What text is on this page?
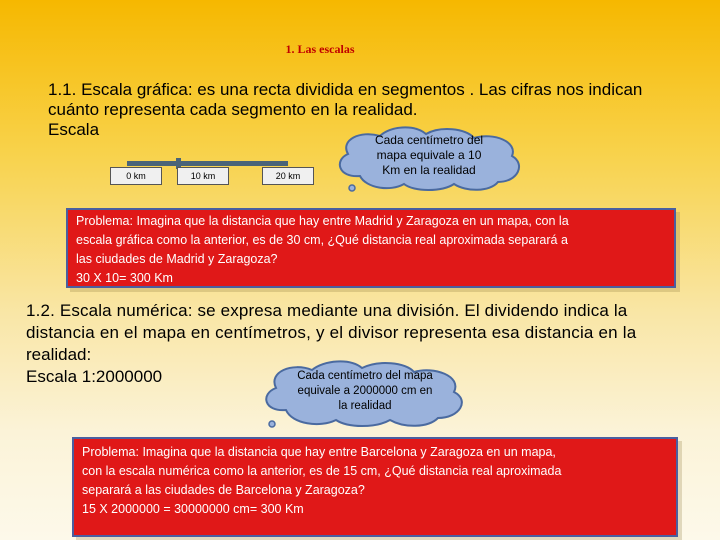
1. Las escalas
1.1. Escala gráfica: es una recta dividida en segmentos . Las cifras nos indican
cuánto representa cada segmento en la realidad.
Escala
0 km	10 km	20 km
Cada centímetro del
mapa equivale a 10
Km en la realidad
Problema: Imagina que la distancia que hay entre Madrid y Zaragoza en un mapa, con la
escala gráfica como la anterior, es de 30 cm, ¿Qué distancia real aproximada separará a
las ciudades de Madrid y Zaragoza?
30 X 10= 300 Km
1.2. Escala numérica: se expresa mediante una división. El dividendo indica la
distancia en el mapa en centímetros, y el divisor representa esa distancia en la
realidad:
Escala 1:2000000	Cada centímetro del mapa
equivale a 2000000 cm en
la realidad
Problema: Imagina que la distancia que hay entre Barcelona y Zaragoza en un mapa,
con la escala numérica como la anterior, es de 15 cm, ¿Qué distancia real aproximada
separará a las ciudades de Barcelona y Zaragoza?
15 X 2000000 = 30000000 cm= 300 Km
